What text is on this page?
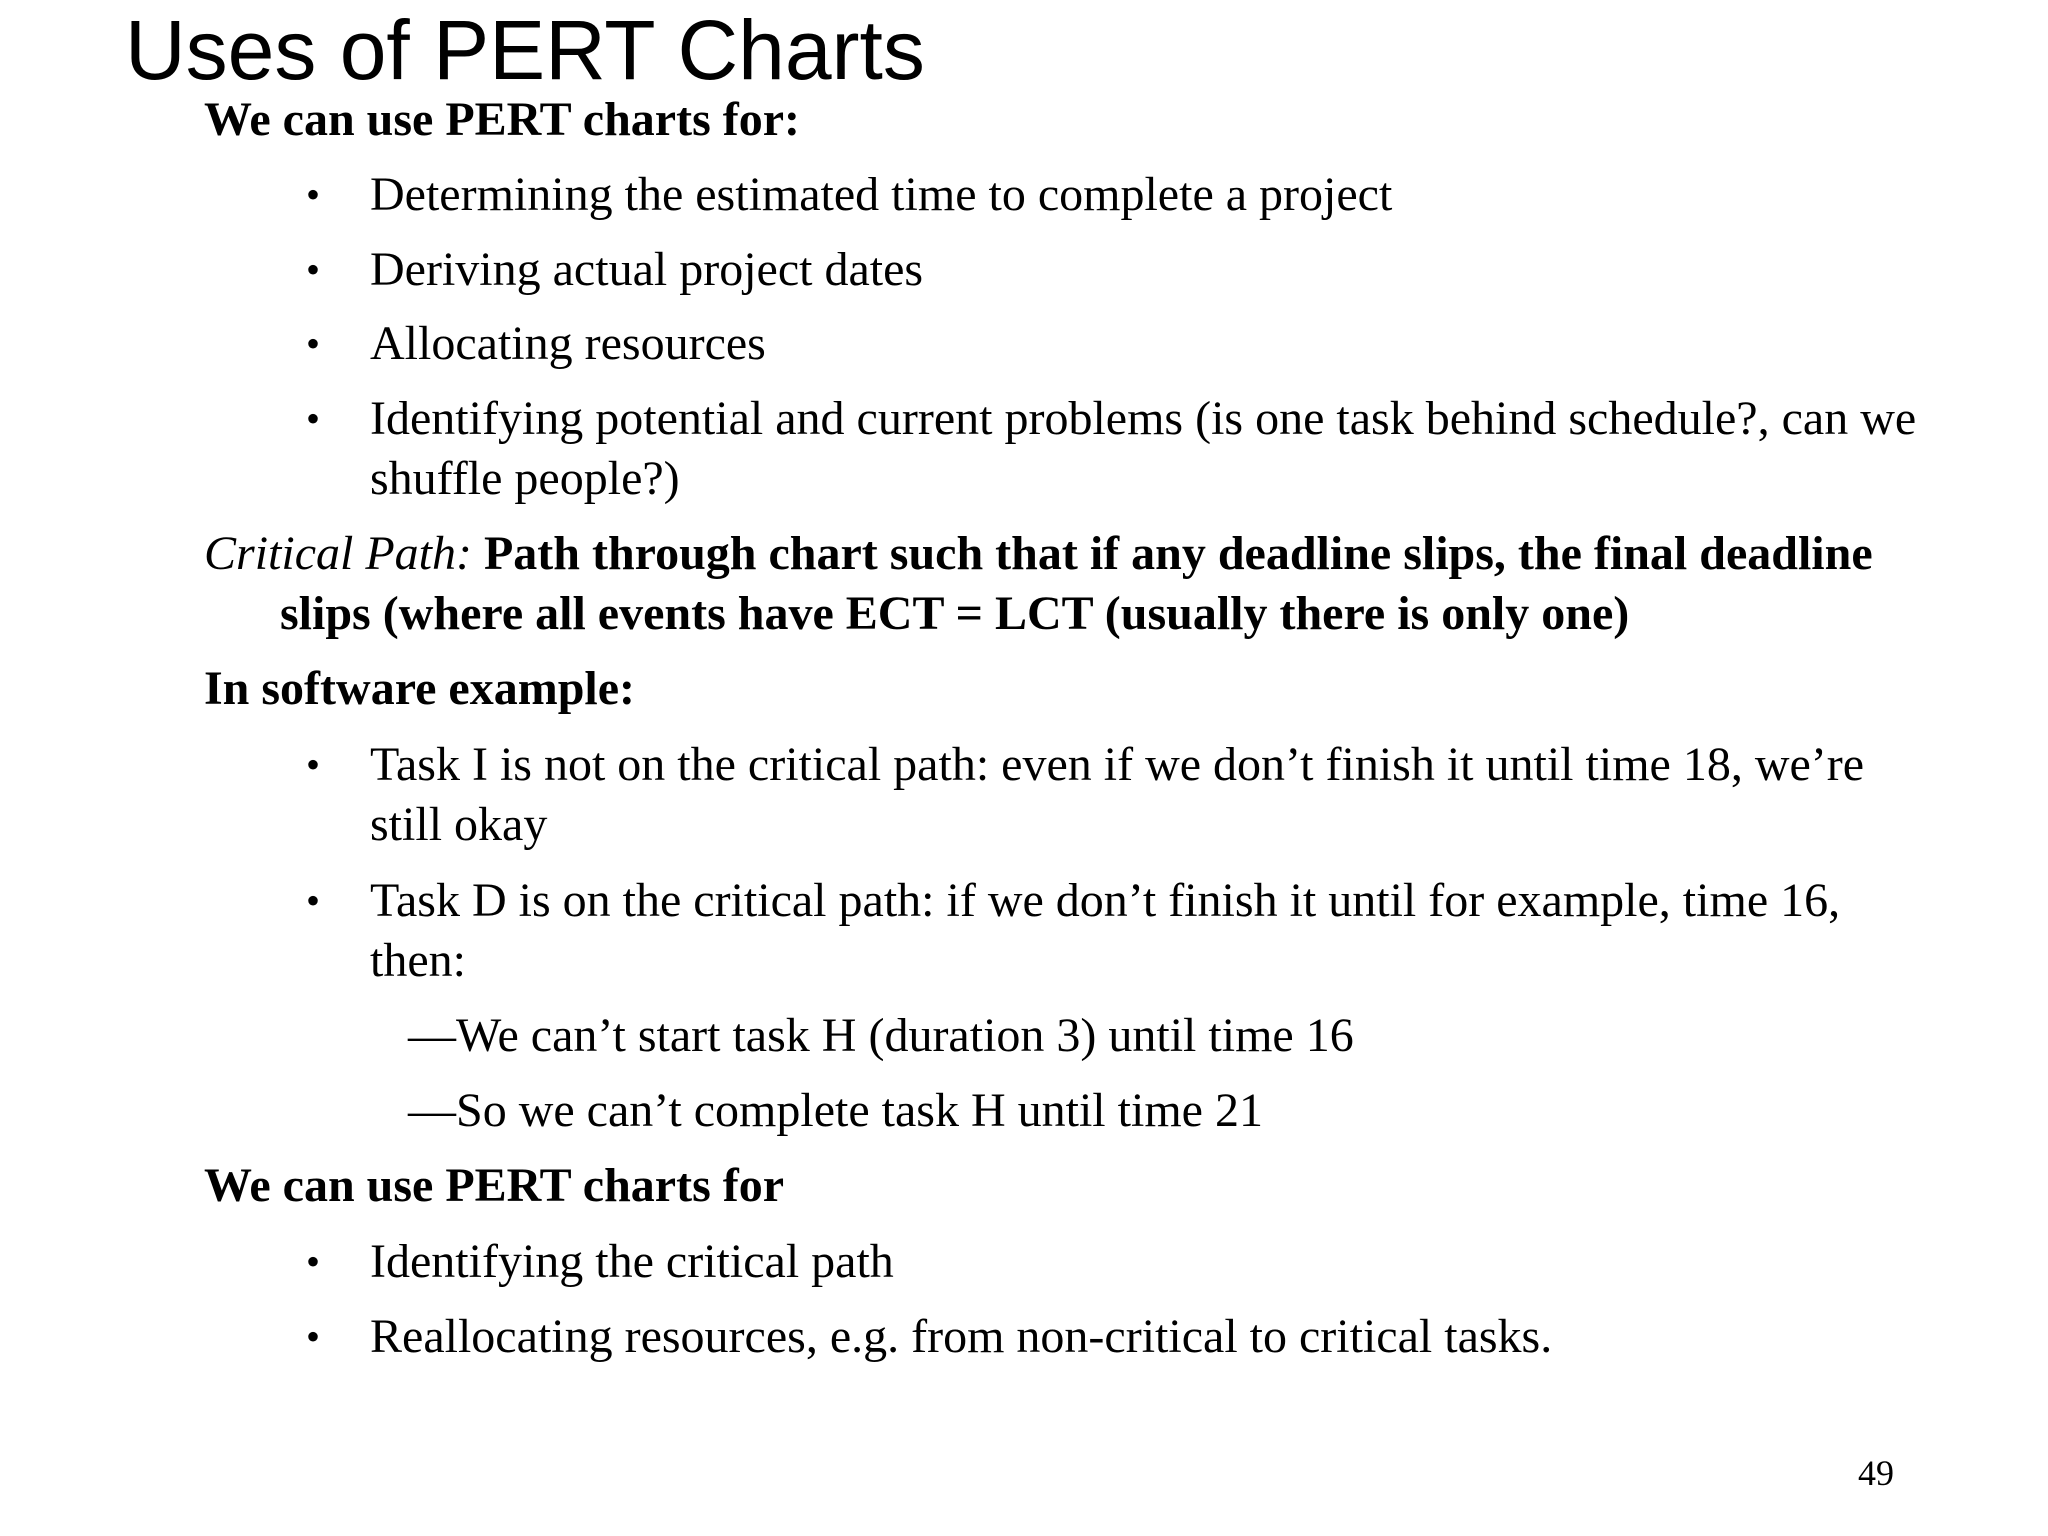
Uses of PERT Charts
We can use PERT charts for:
• Determining the estimated time to complete a project
• Deriving actual project dates
• Allocating resources
• Identifying potential and current problems (is one task behind schedule?, can we
shuffle people?)
Critical Path: Path through chart such that if any deadline slips, the final deadline
slips (where all events have ECT = LCT (usually there is only one)
In software example:
• Task I is not on the critical path: even if we don’t finish it until time 18, we’re
still okay
• Task D is on the critical path: if we don’t finish it until for example, time 16,
then:
—We can’t start task H (duration 3) until time 16
—So we can’t complete task H until time 21
We can use PERT charts for
• Identifying the critical path
• Reallocating resources, e.g. from non-critical to critical tasks.
49
